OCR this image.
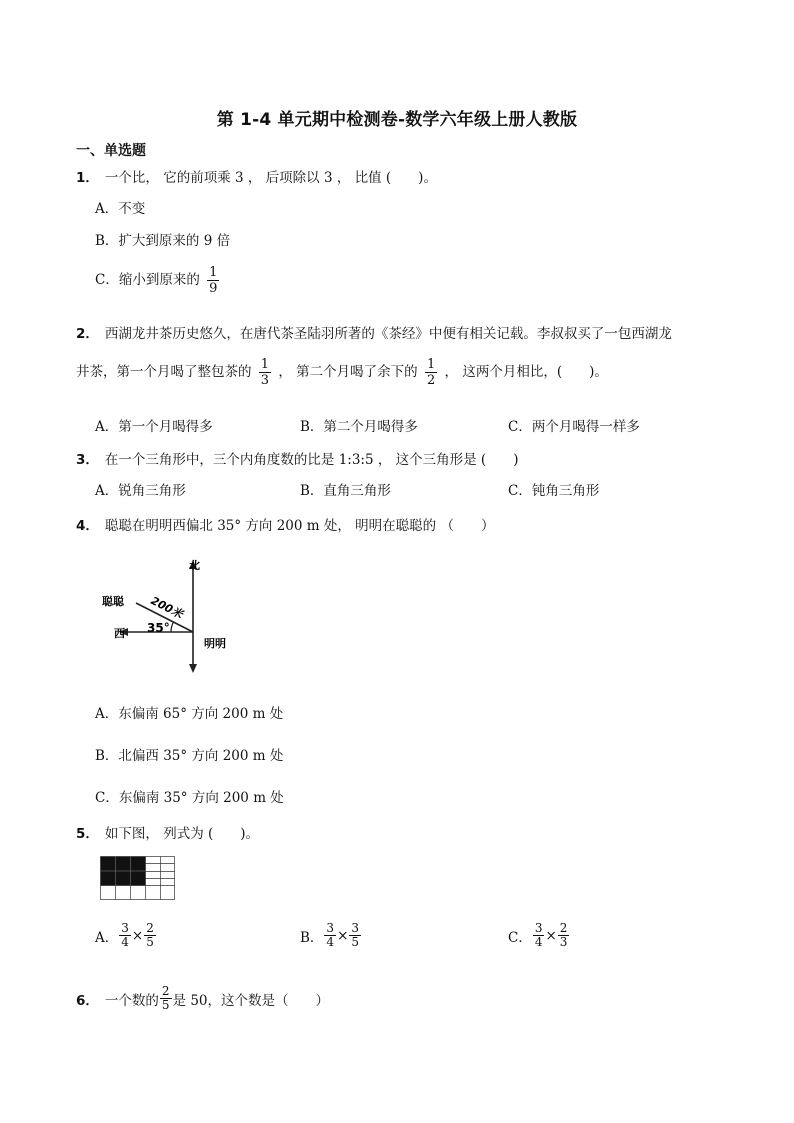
第 1-4 单元期中检测卷-数学六年级上册人教版
一、单选题
1． 一个比， 它的前项乘 3 ， 后项除以 3 ， 比值 (　　)。
A．不变
B．扩大到原来的 9 倍
C．缩小到原来的 $\frac{1}{9}$
2． 西湖龙井茶历史悠久，在唐代茶圣陆羽所著的《茶经》中便有相关记载。李叔叔买了一包西湖龙
井茶，第一个月喝了整包茶的 $\frac{1}{3}$ ， 第二个月喝了余下的 $\frac{1}{2}$ ， 这两个月相比，(　　)。
A．第一个月喝得多	B．第二个月喝得多	C．两个月喝得一样多
3． 在一个三角形中，三个内角度数的比是 1:3:5 ， 这个三角形是 (　　)
A．锐角三角形	B．直角三角形	C．钝角三角形
4． 聪聪在明明西偏北 35° 方向 200 m 处， 明明在聪聪的 （　　）
北
西
聪聪
明明
200米
35°
A．东偏南 65° 方向 200 m 处
B．北偏西 35° 方向 200 m 处
C．东偏南 35° 方向 200 m 处
5． 如下图， 列式为 (　　)。
A． $\frac{3}{4} \times \frac{2}{5}$	B． $\frac{3}{4} \times \frac{3}{5}$	C． $\frac{3}{4} \times \frac{2}{3}$
6． 一个数的 $\frac{2}{5}$ 是 50，这个数是（　　）
